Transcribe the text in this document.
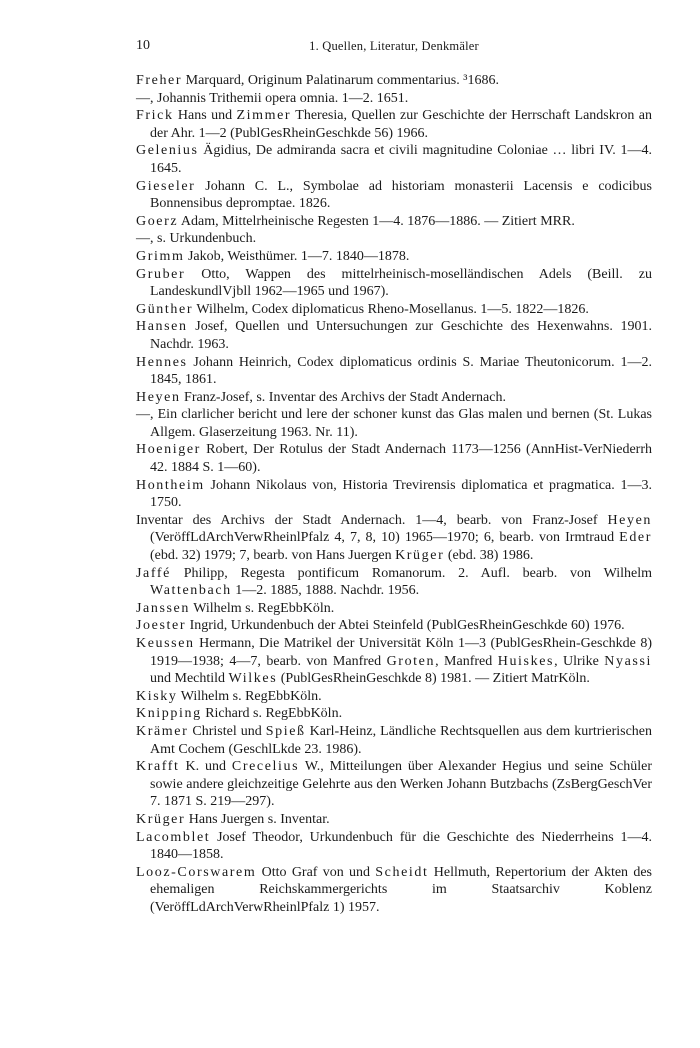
10	1. Quellen, Literatur, Denkmäler

Freher Marquard, Originum Palatinarum commentarius. ³1686.

—, Johannis Trithemii opera omnia. 1—2. 1651.

Frick Hans und Zimmer Theresia, Quellen zur Geschichte der Herrschaft Landskron an der Ahr. 1—2 (PublGesRheinGeschkde 56) 1966.

Gelenius Ägidius, De admiranda sacra et civili magnitudine Coloniae … libri IV. 1—4. 1645.

Gieseler Johann C. L., Symbolae ad historiam monasterii Lacensis e codicibus Bonnensibus depromptae. 1826.

Goerz Adam, Mittelrheinische Regesten 1—4. 1876—1886. — Zitiert MRR.

—, s. Urkundenbuch.

Grimm Jakob, Weisthümer. 1—7. 1840—1878.

Gruber Otto, Wappen des mittelrheinisch-moselländischen Adels (Beill. zu LandeskundlVjbll 1962—1965 und 1967).

Günther Wilhelm, Codex diplomaticus Rheno-Mosellanus. 1—5. 1822—1826.

Hansen Josef, Quellen und Untersuchungen zur Geschichte des Hexenwahns. 1901. Nachdr. 1963.

Hennes Johann Heinrich, Codex diplomaticus ordinis S. Mariae Theutonicorum. 1—2. 1845, 1861.

Heyen Franz-Josef, s. Inventar des Archivs der Stadt Andernach.

—, Ein clarlicher bericht und lere der schoner kunst das Glas malen und bernen (St. Lukas Allgem. Glaserzeitung 1963. Nr. 11).

Hoeniger Robert, Der Rotulus der Stadt Andernach 1173—1256 (AnnHist-VerNiederrh 42. 1884 S. 1—60).

Hontheim Johann Nikolaus von, Historia Trevirensis diplomatica et pragmatica. 1—3. 1750.

Inventar des Archivs der Stadt Andernach. 1—4, bearb. von Franz-Josef Heyen (VeröffLdArchVerwRheinlPfalz 4, 7, 8, 10) 1965—1970; 6, bearb. von Irmtraud Eder (ebd. 32) 1979; 7, bearb. von Hans Juergen Krüger (ebd. 38) 1986.

Jaffé Philipp, Regesta pontificum Romanorum. 2. Aufl. bearb. von Wilhelm Wattenbach 1—2. 1885, 1888. Nachdr. 1956.

Janssen Wilhelm s. RegEbbKöln.

Joester Ingrid, Urkundenbuch der Abtei Steinfeld (PublGesRheinGeschkde 60) 1976.

Keussen Hermann, Die Matrikel der Universität Köln 1—3 (PublGesRhein-Geschkde 8) 1919—1938; 4—7, bearb. von Manfred Groten, Manfred Huiskes, Ulrike Nyassi und Mechtild Wilkes (PublGesRheinGeschkde 8) 1981. — Zitiert MatrKöln.

Kisky Wilhelm s. RegEbbKöln.

Knipping Richard s. RegEbbKöln.

Krämer Christel und Spieß Karl-Heinz, Ländliche Rechtsquellen aus dem kurtrierischen Amt Cochem (GeschlLkde 23. 1986).

Krafft K. und Crecelius W., Mitteilungen über Alexander Hegius und seine Schüler sowie andere gleichzeitige Gelehrte aus den Werken Johann Butzbachs (ZsBergGeschVer 7. 1871 S. 219—297).

Krüger Hans Juergen s. Inventar.

Lacomblet Josef Theodor, Urkundenbuch für die Geschichte des Niederrheins 1—4. 1840—1858.

Looz-Corswarem Otto Graf von und Scheidt Hellmuth, Repertorium der Akten des ehemaligen Reichskammergerichts im Staatsarchiv Koblenz (VeröffLdArchVerwRheinlPfalz 1) 1957.
